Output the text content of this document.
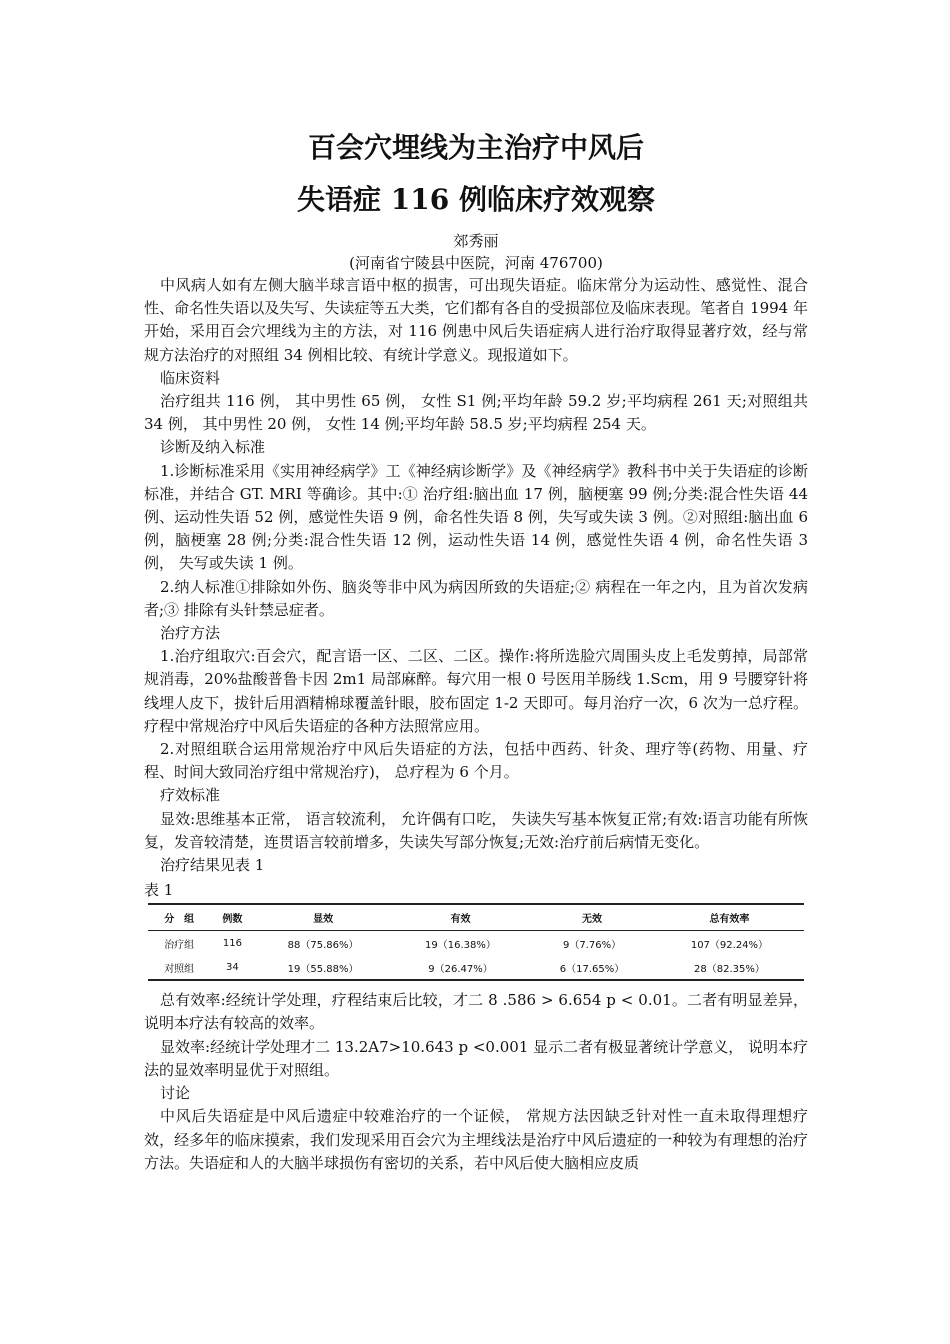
百会穴埋线为主治疗中风后
失语症 116 例临床疗效观察
郊秀丽
(河南省宁陵县中医院，河南 476700)

中风病人如有左侧大脑半球言语中枢的损害，可出现失语症。临床常分为运动性、感觉性、混合性、命名性失语以及失写、失读症等五大类，它们都有各自的受损部位及临床表现。笔者自 1994 年开始，采用百会穴埋线为主的方法，对 116 例患中风后失语症病人进行治疗取得显著疗效，经与常规方法治疗的对照组 34 例相比较、有统计学意义。现报道如下。

临床资料

治疗组共 116 例， 其中男性 65 例， 女性 S1 例;平均年龄 59.2 岁;平均病程 261 天;对照组共 34 例， 其中男性 20 例， 女性 14 例;平均年龄 58.5 岁;平均病程 254 天。

诊断及纳入标准

1.诊断标准采用《实用神经病学》工《神经病诊断学》及《神经病学》教科书中关于失语症的诊断标准，并结合 GT. MRI 等确诊。其中:① 治疗组:脑出血 17 例，脑梗塞 99 例;分类:混合性失语 44 例、运动性失语 52 例，感觉性失语 9 例，命名性失语 8 例，失写或失读 3 例。②对照组:脑出血 6 例，脑梗塞 28 例;分类:混合性失语 12 例，运动性失语 14 例，感觉性失语 4 例，命名性失语 3 例， 失写或失读 1 例。

2.纳人标准①排除如外伤、脑炎等非中风为病因所致的失语症;② 病程在一年之内，且为首次发病者;③ 排除有头针禁忌症者。

治疗方法

1.治疗组取穴:百会穴，配言语一区、二区、二区。操作:将所选脸穴周围头皮上毛发剪掉，局部常规消毒，20%盐酸普鲁卡因 2m1 局部麻醉。每穴用一根 0 号医用羊肠线 1.Scm，用 9 号腰穿针将线埋人皮下，拔针后用酒精棉球覆盖针眼，胶布固定 1-2 天即可。每月治疗一次，6 次为一总疗程。疗程中常规治疗中风后失语症的各种方法照常应用。

2.对照组联合运用常规治疗中风后失语症的方法，包括中西药、针灸、理疗等(药物、用量、疗程、时间大致同治疗组中常规治疗)， 总疗程为 6 个月。

疗效标准

显效:思维基本正常， 语言较流利， 允许偶有口吃， 失读失写基本恢复正常;有效:语言功能有所恢复，发音较清楚，连贯语言较前增多，失读失写部分恢复;无效:治疗前后病情无变化。

治疗结果见表 1
表 1
分　组	例数	显效	有效	无效	总有效率
治疗组	116	88（75.86%）	19（16.38%）	9（7.76%）	107（92.24%）
对照组	34	19（55.88%）	9（26.47%）	6（17.65%）	28（82.35%）

总有效率:经统计学处理，疗程结束后比较，才二 8 .586 > 6.654 p < 0.01。二者有明显差异，说明本疗法有较高的效率。

显效率:经统计学处理才二 13.2A7>10.643 p <0.001 显示二者有极显著统计学意义， 说明本疗法的显效率明显优于对照组。

讨论

中风后失语症是中风后遗症中较难治疗的一个证候， 常规方法因缺乏针对性一直未取得理想疗效，经多年的临床摸索，我们发现采用百会穴为主埋线法是治疗中风后遗症的一种较为有理想的治疗方法。失语症和人的大脑半球损伤有密切的关系，若中风后使大脑相应皮质
